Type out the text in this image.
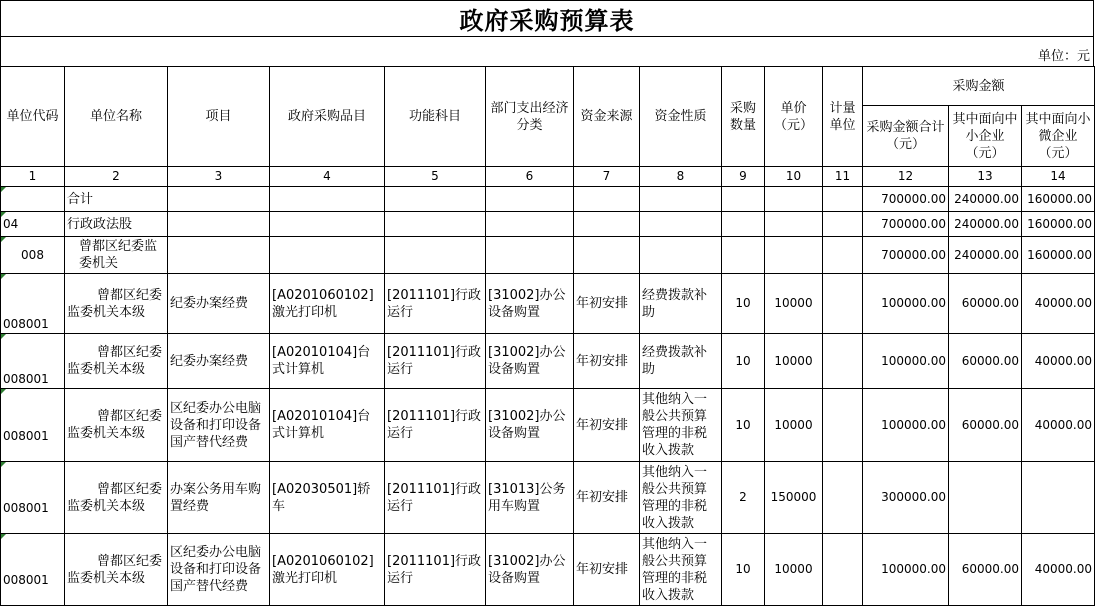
政府采购预算表
单位：元
单位代码	单位名称	项目	政府采购品目	功能科目	部门支出经济分类	资金来源	资金性质	采购数量	单价（元）	计量单位	采购金额		
											采购金额合计（元）	其中面向中小企业（元）	其中面向小微企业（元）
1	2	3	4	5	6	7	8	9	10	11	12	13	14
	合计										700000.00	240000.00	160000.00
04	行政政法股										700000.00	240000.00	160000.00
008	曾都区纪委监委机关										700000.00	240000.00	160000.00
008001	曾都区纪委监委机关本级	纪委办案经费	[A0201060102]激光打印机	[2011101]行政运行	[31002]办公设备购置	年初安排	经费拨款补助	10	10000		100000.00	60000.00	40000.00
008001	曾都区纪委监委机关本级	纪委办案经费	[A02010104]台式计算机	[2011101]行政运行	[31002]办公设备购置	年初安排	经费拨款补助	10	10000		100000.00	60000.00	40000.00
008001	曾都区纪委监委机关本级	区纪委办公电脑设备和打印设备国产替代经费	[A02010104]台式计算机	[2011101]行政运行	[31002]办公设备购置	年初安排	其他纳入一般公共预算管理的非税收入拨款	10	10000		100000.00	60000.00	40000.00
008001	曾都区纪委监委机关本级	办案公务用车购置经费	[A02030501]轿车	[2011101]行政运行	[31013]公务用车购置	年初安排	其他纳入一般公共预算管理的非税收入拨款	2	150000		300000.00		
008001	曾都区纪委监委机关本级	区纪委办公电脑设备和打印设备国产替代经费	[A0201060102]激光打印机	[2011101]行政运行	[31002]办公设备购置	年初安排	其他纳入一般公共预算管理的非税收入拨款	10	10000		100000.00	60000.00	40000.00
